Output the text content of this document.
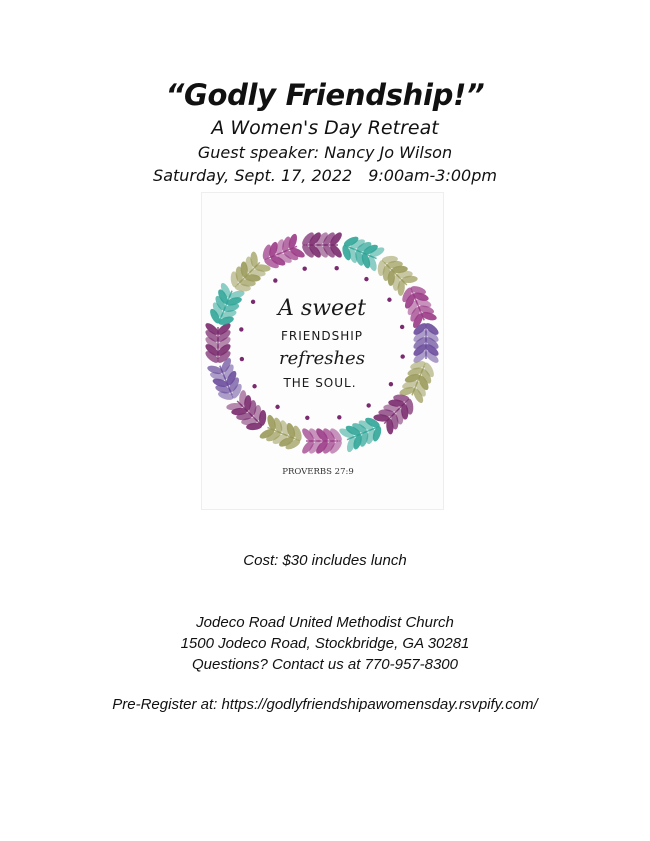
“Godly Friendship!”
A Women's Day Retreat
Guest speaker: Nancy Jo Wilson
Saturday, Sept. 17, 2022 9:00am-3:00pm
A sweet
FRIENDSHIP
refreshes
THE SOUL.
PROVERBS 27:9
Cost: $30 includes lunch
Jodeco Road United Methodist Church
1500 Jodeco Road, Stockbridge, GA 30281
Questions? Contact us at 770-957-8300
Pre-Register at: https://godlyfriendshipawomensday.rsvpify.com/
